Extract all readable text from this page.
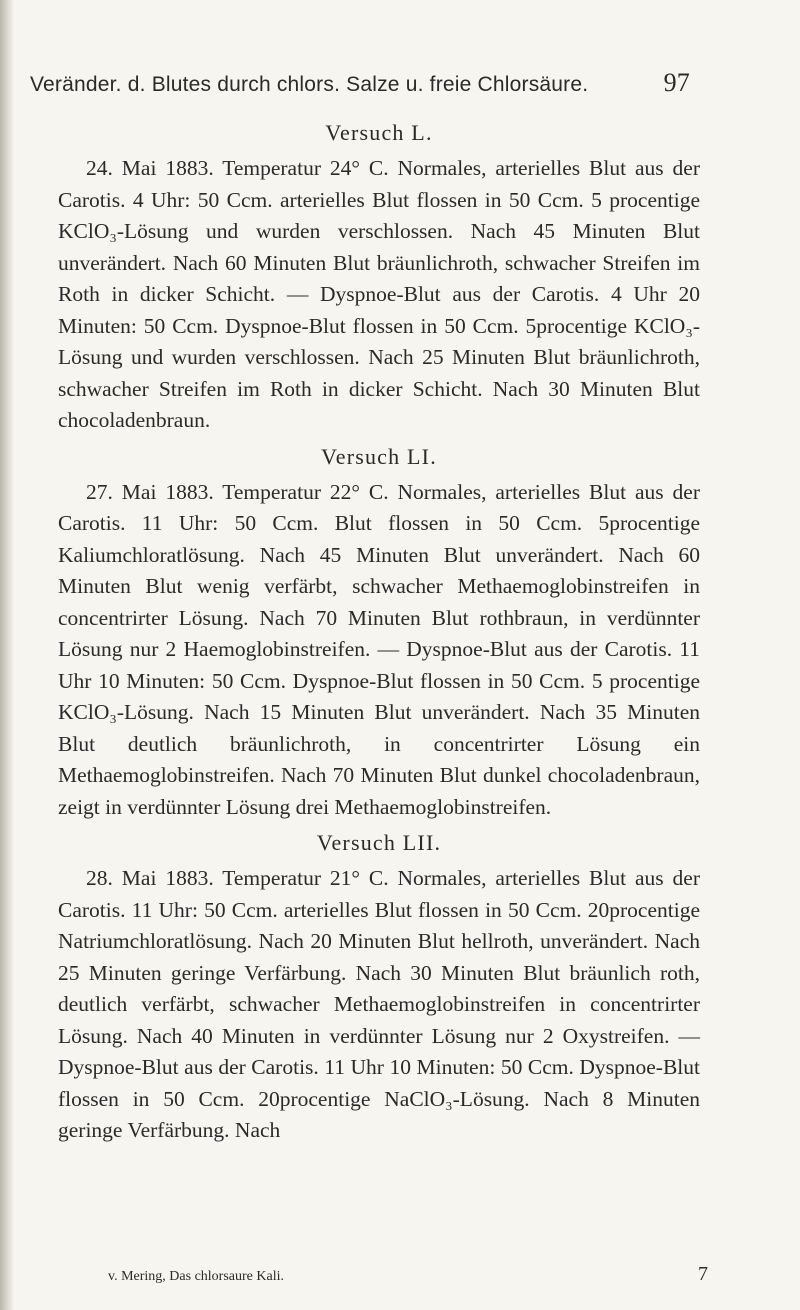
Veränder. d. Blutes durch chlors. Salze u. freie Chlorsäure.	97
Versuch L.

24. Mai 1883. Temperatur 24° C. Normales, arterielles Blut aus der Carotis. 4 Uhr: 50 Ccm. arterielles Blut flossen in 50 Ccm. 5 procentige KClO₃-Lösung und wurden verschlossen. Nach 45 Minuten Blut unverändert. Nach 60 Minuten Blut bräunlichroth, schwacher Streifen im Roth in dicker Schicht. — Dyspnoe-Blut aus der Carotis. 4 Uhr 20 Minuten: 50 Ccm. Dyspnoe-Blut flossen in 50 Ccm. 5procentige KClO₃-Lösung und wurden verschlossen. Nach 25 Minuten Blut bräunlichroth, schwacher Streifen im Roth in dicker Schicht. Nach 30 Minuten Blut chocoladenbraun.

Versuch LI.

27. Mai 1883. Temperatur 22° C. Normales, arterielles Blut aus der Carotis. 11 Uhr: 50 Ccm. Blut flossen in 50 Ccm. 5procentige Kaliumchloratlösung. Nach 45 Minuten Blut unverändert. Nach 60 Minuten Blut wenig verfärbt, schwacher Methaemoglobinstreifen in concentrirter Lösung. Nach 70 Minuten Blut rothbraun, in verdünnter Lösung nur 2 Haemoglobinstreifen. — Dyspnoe-Blut aus der Carotis. 11 Uhr 10 Minuten: 50 Ccm. Dyspnoe-Blut flossen in 50 Ccm. 5 procentige KClO₃-Lösung. Nach 15 Minuten Blut unverändert. Nach 35 Minuten Blut deutlich bräunlichroth, in concentrirter Lösung ein Methaemoglobinstreifen. Nach 70 Minuten Blut dunkel chocoladenbraun, zeigt in verdünnter Lösung drei Methaemoglobinstreifen.

Versuch LII.

28. Mai 1883. Temperatur 21° C. Normales, arterielles Blut aus der Carotis. 11 Uhr: 50 Ccm. arterielles Blut flossen in 50 Ccm. 20procentige Natriumchloratlösung. Nach 20 Minuten Blut hellroth, unverändert. Nach 25 Minuten geringe Verfärbung. Nach 30 Minuten Blut bräunlich roth, deutlich verfärbt, schwacher Methaemoglobinstreifen in concentrirter Lösung. Nach 40 Minuten in verdünnter Lösung nur 2 Oxystreifen. — Dyspnoe-Blut aus der Carotis. 11 Uhr 10 Minuten: 50 Ccm. Dyspnoe-Blut flossen in 50 Ccm. 20procentige NaClO₃-Lösung. Nach 8 Minuten geringe Verfärbung. Nach

v. Mering, Das chlorsaure Kali.	7
